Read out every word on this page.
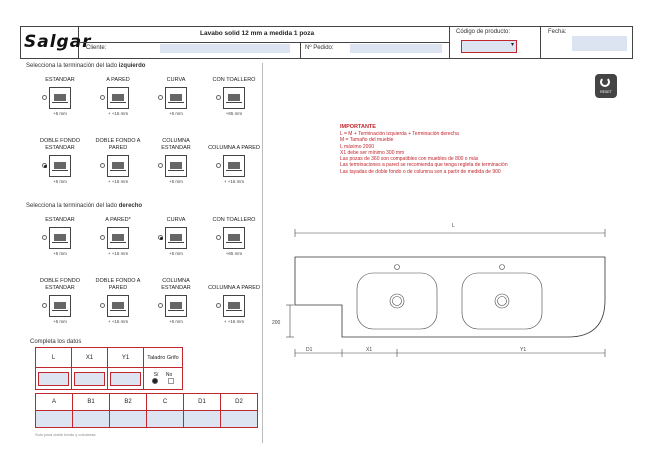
Salgar	Lavabo solid 12 mm a medida 1 poza
Cliente:	Nº Pedido:
Código de producto:
▾
Fecha:
RESET
Selecciona la terminación del lado izquierdo
ESTANDAR
+5 mm
A PARED
+ +16 mm
CURVA
+5 mm
CON TOALLERO
+65 mm
DOBLE FONDO ESTANDAR
+5 mm
DOBLE FONDO A PARED
+ +16 mm
COLUMNA ESTANDAR
+5 mm
COLUMNA A PARED
+ +16 mm
Selecciona la terminación del lado derecho
ESTANDAR
+5 mm
A PARED*
+ +16 mm
CURVA
+5 mm
CON TOALLERO
+65 mm
DOBLE FONDO ESTANDAR
+5 mm
DOBLE FONDO A PARED
+ +16 mm
COLUMNA ESTANDAR
+5 mm
COLUMNA A PARED
+ +16 mm
Completa los datos
L	X1	Y1	Taladro Grifo

	Sí No

A	B1	B2	C	D1	D2

Solo para doble fondo y columnas
IMPORTANTE
L = M + Terminación izquierda + Terminación derecha
M = Tamaño del mueble
L máximo 2000
X1 debe ser mínimo 300 mm
Las pozas de 360 son compatibles con muebles de 800 o más
Las terminaciones a pared se recomienda que tenga regleta de terminación
Las tayadas de doble fondo o de columna son a partir de medida de 900
L
200
D1	X1	Y1
